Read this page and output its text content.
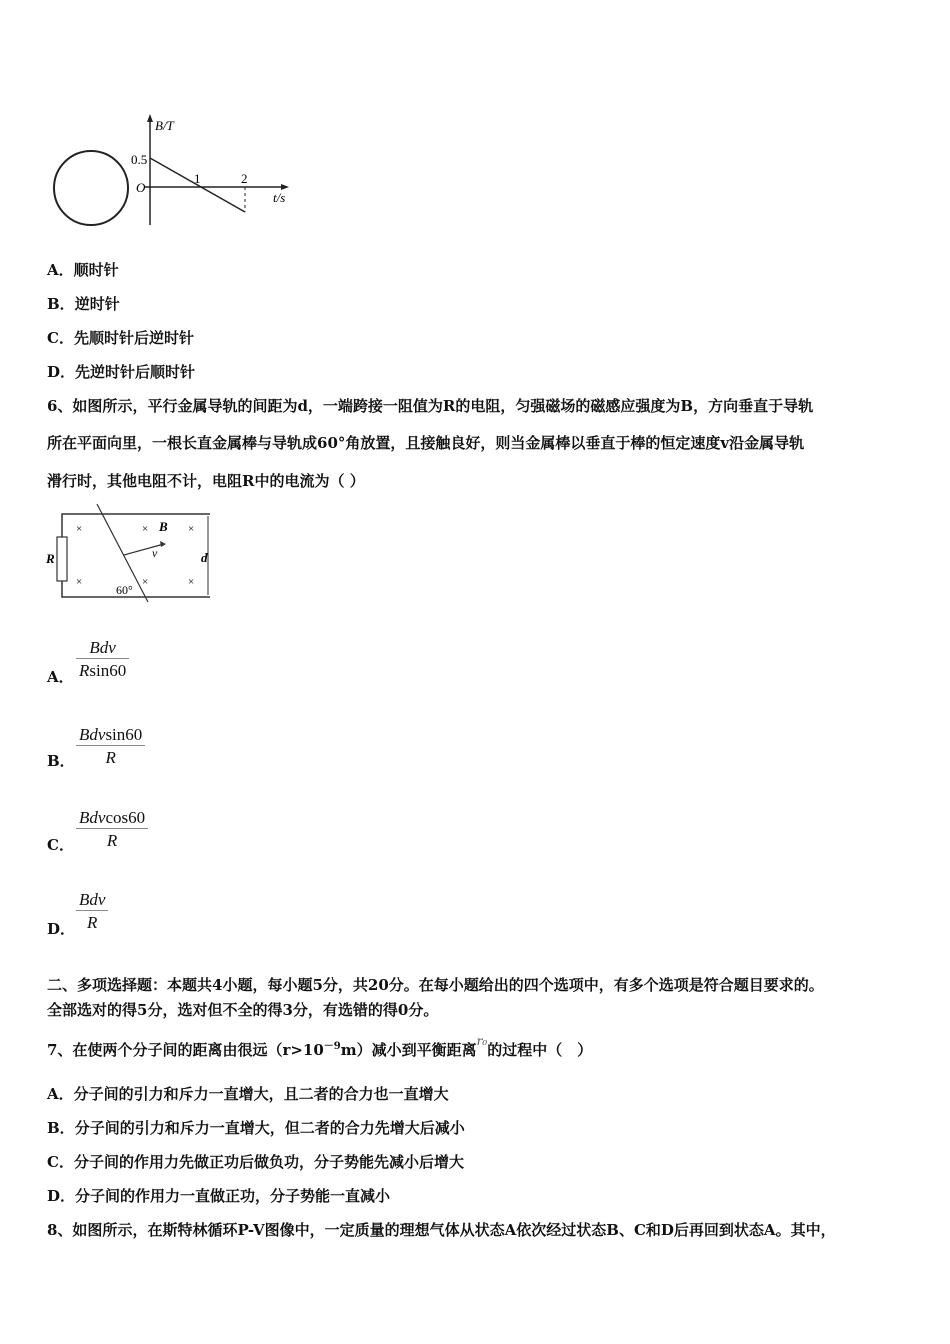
B/T
0.5
O
1	2
t/s
A．顺时针
B．逆时针
C．先顺时针后逆时针
D．先逆时针后顺时针
6、如图所示，平行金属导轨的间距为d，一端跨接一阻值为R的电阻，匀强磁场的磁感应强度为B，方向垂直于导轨
所在平面向里，一根长直金属棒与导轨成60°角放置，且接触良好，则当金属棒以垂直于棒的恒定速度v沿金属导轨
滑行时，其他电阻不计，电阻R中的电流为（ ）
×	×	×
×	×	×
B
v
R	d
60°
A．
Bdv
Rsin60
B．
Bdvsin60
R
C．
Bdvcos60
R
D．
Bdv
R
二、多项选择题：本题共4小题，每小题5分，共20分。在每小题给出的四个选项中，有多个选项是符合题目要求的。
全部选对的得5分，选对但不全的得3分，有选错的得0分。
7、在使两个分子间的距离由很远$(r>10^{-9}m)$减小到平衡距离$^{r_0}$的过程中（　）
A．分子间的引力和斥力一直增大，且二者的合力也一直增大
B．分子间的引力和斥力一直增大，但二者的合力先增大后减小
C．分子间的作用力先做正功后做负功，分子势能先减小后增大
D．分子间的作用力一直做正功，分子势能一直减小
8、如图所示，在斯特林循环P-V图像中，一定质量的理想气体从状态A依次经过状态B、C和D后再回到状态A。其中，
